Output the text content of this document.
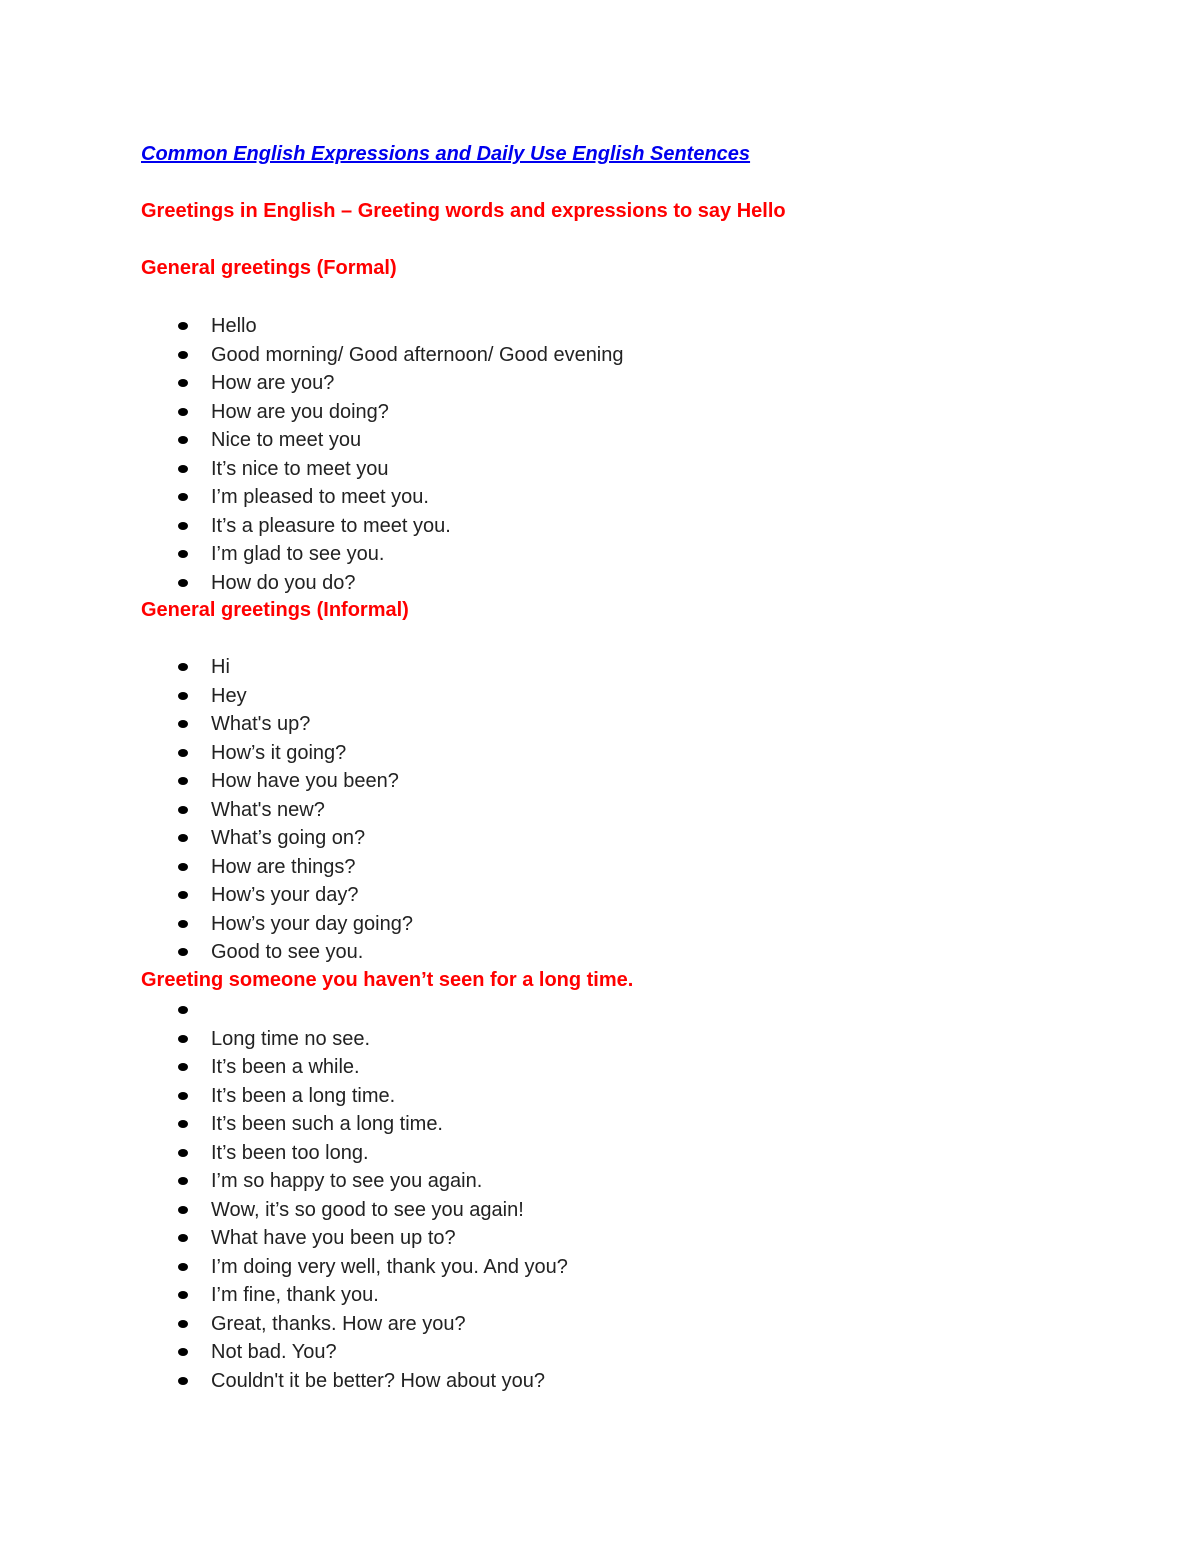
Common English Expressions and Daily Use English Sentences
Greetings in English – Greeting words and expressions to say Hello
General greetings (Formal)
Hello
Good morning/ Good afternoon/ Good evening
How are you?
How are you doing?
Nice to meet you
It’s nice to meet you
I’m pleased to meet you.
It’s a pleasure to meet you.
I’m glad to see you.
How do you do?
General greetings (Informal)
Hi
Hey
What's up?
How’s it going?
How have you been?
What's new?
What’s going on?
How are things?
How’s your day?
How’s your day going?
Good to see you.
Greeting someone you haven’t seen for a long time.
Long time no see.
It’s been a while.
It’s been a long time.
It’s been such a long time.
It’s been too long.
I’m so happy to see you again.
Wow, it’s so good to see you again!
What have you been up to?
I’m doing very well, thank you. And you?
I’m fine, thank you.
Great, thanks. How are you?
Not bad. You?
Couldn't it be better? How about you?
